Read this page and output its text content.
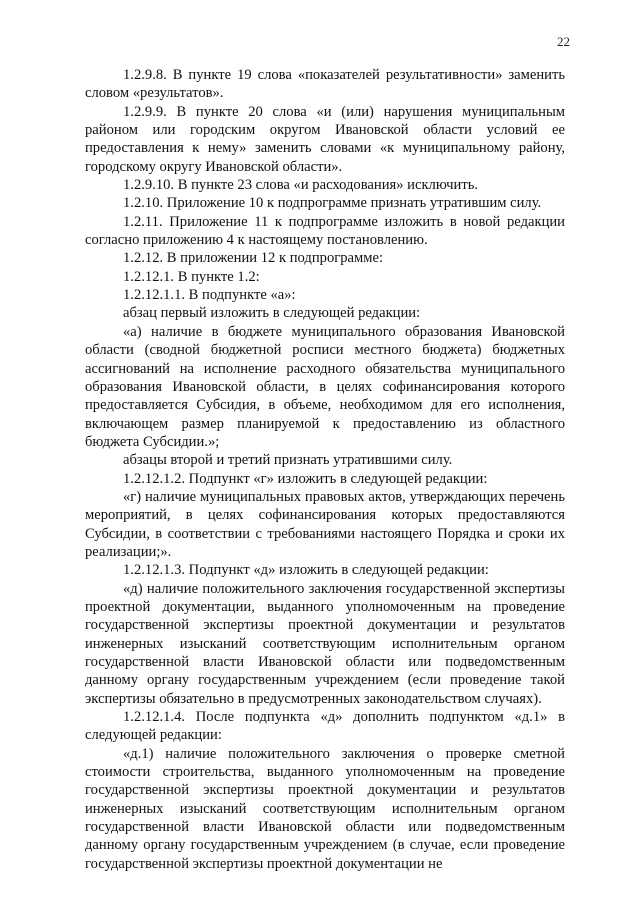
22

1.2.9.8. В пункте 19 слова «показателей результативности» заменить словом «результатов».

1.2.9.9. В пункте 20 слова «и (или) нарушения муниципальным районом или городским округом Ивановской области условий ее предоставления к нему» заменить словами «к муниципальному району, городскому округу Ивановской области».

1.2.9.10. В пункте 23 слова «и расходования» исключить.

1.2.10. Приложение 10 к подпрограмме признать утратившим силу.

1.2.11. Приложение 11 к подпрограмме изложить в новой редакции согласно приложению 4 к настоящему постановлению.

1.2.12. В приложении 12 к подпрограмме:

1.2.12.1. В пункте 1.2:

1.2.12.1.1. В подпункте «а»:

абзац первый изложить в следующей редакции:

«а) наличие в бюджете муниципального образования Ивановской области (сводной бюджетной росписи местного бюджета) бюджетных ассигнований на исполнение расходного обязательства муниципального образования Ивановской области, в целях софинансирования которого предоставляется Субсидия, в объеме, необходимом для его исполнения, включающем размер планируемой к предоставлению из областного бюджета Субсидии.»;

абзацы второй и третий признать утратившими силу.

1.2.12.1.2. Подпункт «г» изложить в следующей редакции:

«г) наличие муниципальных правовых актов, утверждающих перечень мероприятий, в целях софинансирования которых предоставляются Субсидии, в соответствии с требованиями настоящего Порядка и сроки их реализации;».

1.2.12.1.3. Подпункт «д» изложить в следующей редакции:

«д) наличие положительного заключения государственной экспертизы проектной документации, выданного уполномоченным на проведение государственной экспертизы проектной документации и результатов инженерных изысканий соответствующим исполнительным органом государственной власти Ивановской области или подведомственным данному органу государственным учреждением (если проведение такой экспертизы обязательно в предусмотренных законодательством случаях).

1.2.12.1.4. После подпункта «д» дополнить подпунктом «д.1» в следующей редакции:

«д.1) наличие положительного заключения о проверке сметной стоимости строительства, выданного уполномоченным на проведение государственной экспертизы проектной документации и результатов инженерных изысканий соответствующим исполнительным органом государственной власти Ивановской области или подведомственным данному органу государственным учреждением (в случае, если проведение государственной экспертизы проектной документации не
